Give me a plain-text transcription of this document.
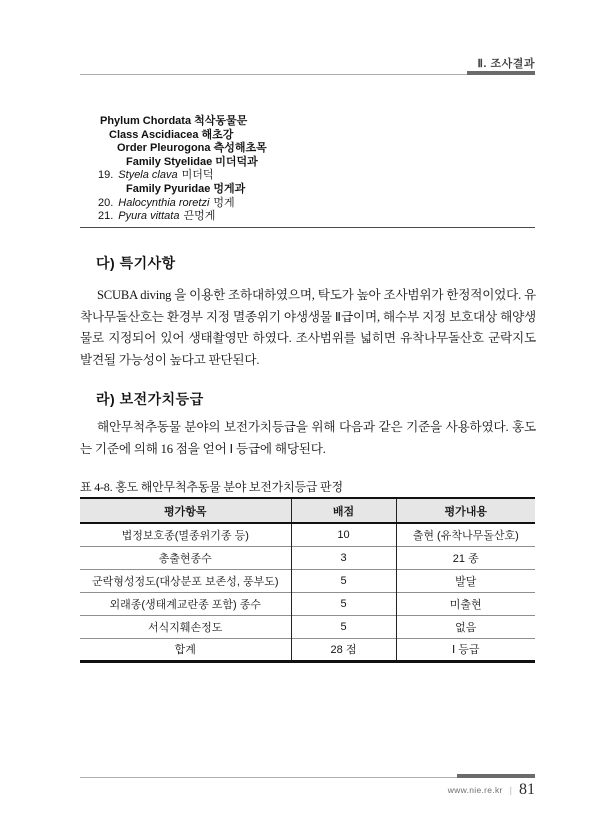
Ⅱ. 조사결과
Phylum Chordata 척삭동물문
Class Ascidiacea 해초강
Order Pleurogona 측성해초목
Family Styelidae 미더덕과
19. Styela clava 미더덕
Family Pyuridae 멍게과
20. Halocynthia roretzi 멍게
21. Pyura vittata 끈멍게
다) 특기사항

SCUBA diving 을 이용한 조하대하였으며, 탁도가 높아 조사범위가 한정적이었다. 유착나무돌산호는 환경부 지정 멸종위기 야생생물 Ⅱ급이며, 해수부 지정 보호대상 해양생물로 지정되어 있어 생태촬영만 하였다. 조사범위를 넓히면 유착나무돌산호 군락지도 발견될 가능성이 높다고 판단된다.

라) 보전가치등급

해안무척추동물 분야의 보전가치등급을 위해 다음과 같은 기준을 사용하였다. 홍도는 기준에 의해 16 점을 얻어 Ⅰ 등급에 해당된다.

표 4-8. 홍도 해안무척추동물 분야 보전가치등급 판정
평가항목	배점	평가내용
법정보호종(멸종위기종 등)	10	출현 (유착나무돌산호)
총출현종수	3	21 종
군락형성정도(대상분포 보존성, 풍부도)	5	발달
외래종(생태계교란종 포함) 종수	5	미출현
서식지훼손정도	5	없음
합계	28 점	Ⅰ 등급
www.nie.re.kr | 81
